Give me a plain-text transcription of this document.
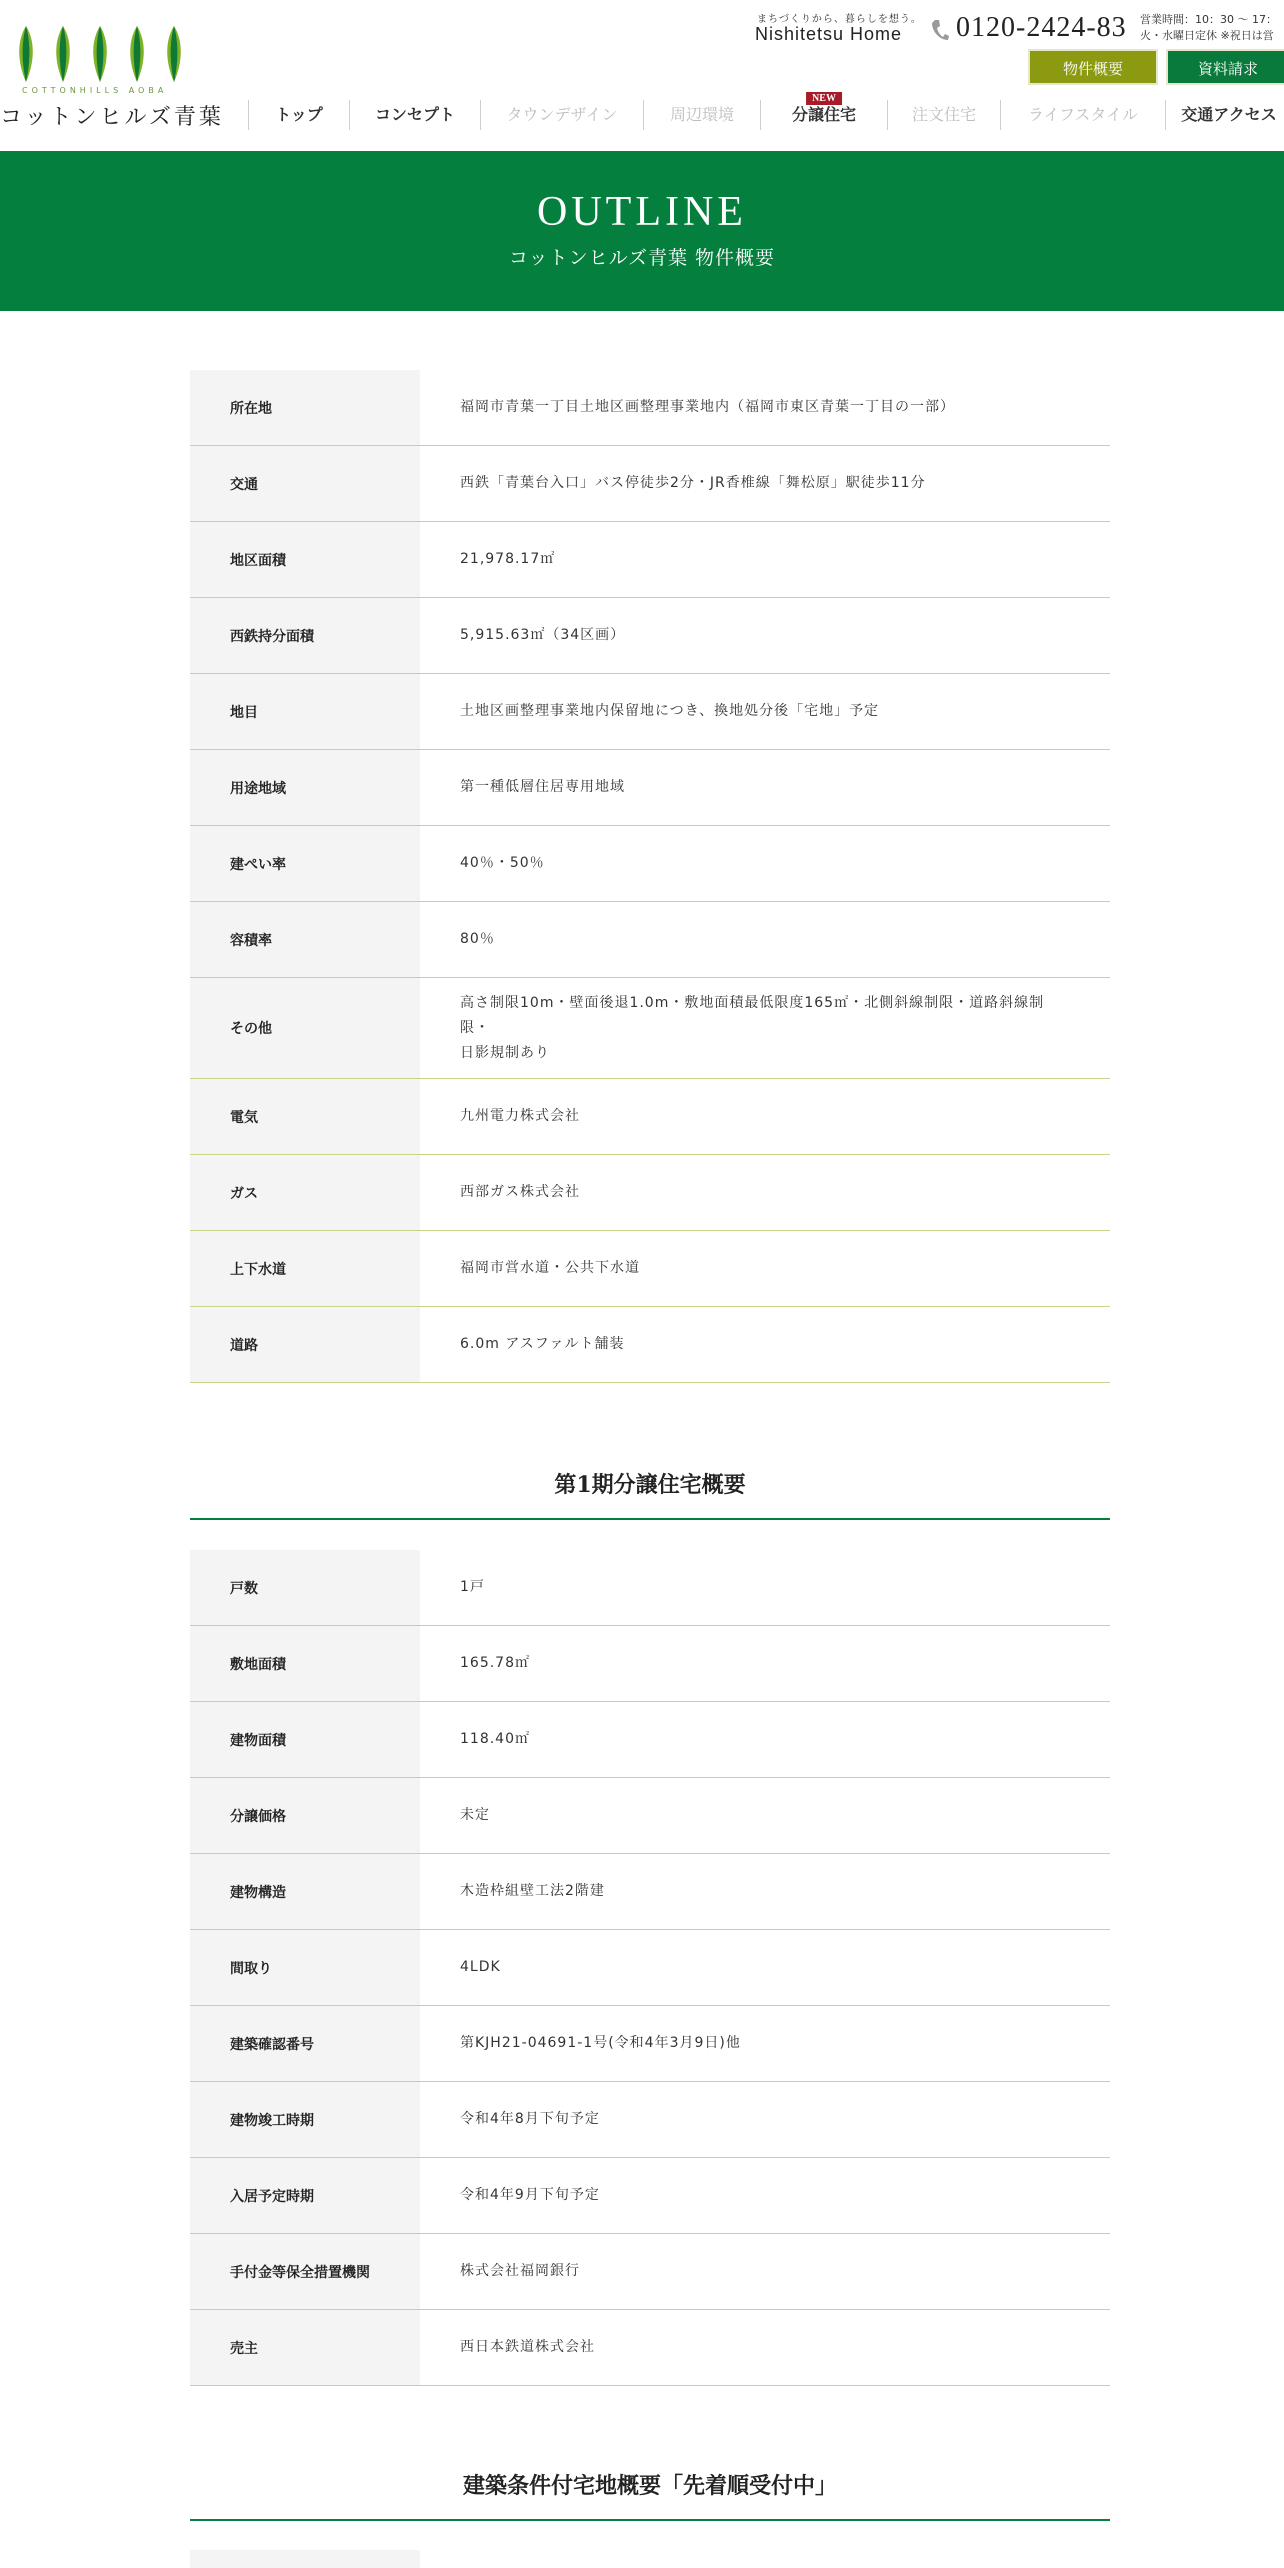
COTTONHILLS AOBA
コットンヒルズ青葉
まちづくりから、暮らしを想う。
Nishitetsu Home 0120-2424-83 営業時間：10：30 ～ 17：
火・水曜日定休 ※祝日は営
物件概要	資料請求
トップ	コンセプト	タウンデザイン	周辺環境
NEW
分譲住宅	注文住宅	ライフスタイル	交通アクセス
OUTLINE
コットンヒルズ青葉 物件概要
所在地	福岡市青葉一丁目土地区画整理事業地内（福岡市東区青葉一丁目の一部）
交通	西鉄「青葉台入口」バス停徒歩2分・JR香椎線「舞松原」駅徒歩11分
地区面積	21,978.17㎡
西鉄持分面積	5,915.63㎡（34区画）
地目	土地区画整理事業地内保留地につき、換地処分後「宅地」予定
用途地域	第一種低層住居専用地域
建ぺい率	40％・50％
容積率	80％
その他	高さ制限10m・壁面後退1.0m・敷地面積最低限度165㎡・北側斜線制限・道路斜線制限・
日影規制あり

電気	九州電力株式会社
ガス	西部ガス株式会社
上下水道	福岡市営水道・公共下水道
道路	6.0m アスファルト舗装
第1期分譲住宅概要
戸数	1戸
敷地面積	165.78㎡
建物面積	118.40㎡
分譲価格	未定
建物構造	木造枠組壁工法2階建
間取り	4LDK
建築確認番号	第KJH21-04691-1号(令和4年3月9日)他
建物竣工時期	令和4年8月下旬予定
入居予定時期	令和4年9月下旬予定
手付金等保全措置機関	株式会社福岡銀行
売主	西日本鉄道株式会社
建築条件付宅地概要「先着順受付中」
